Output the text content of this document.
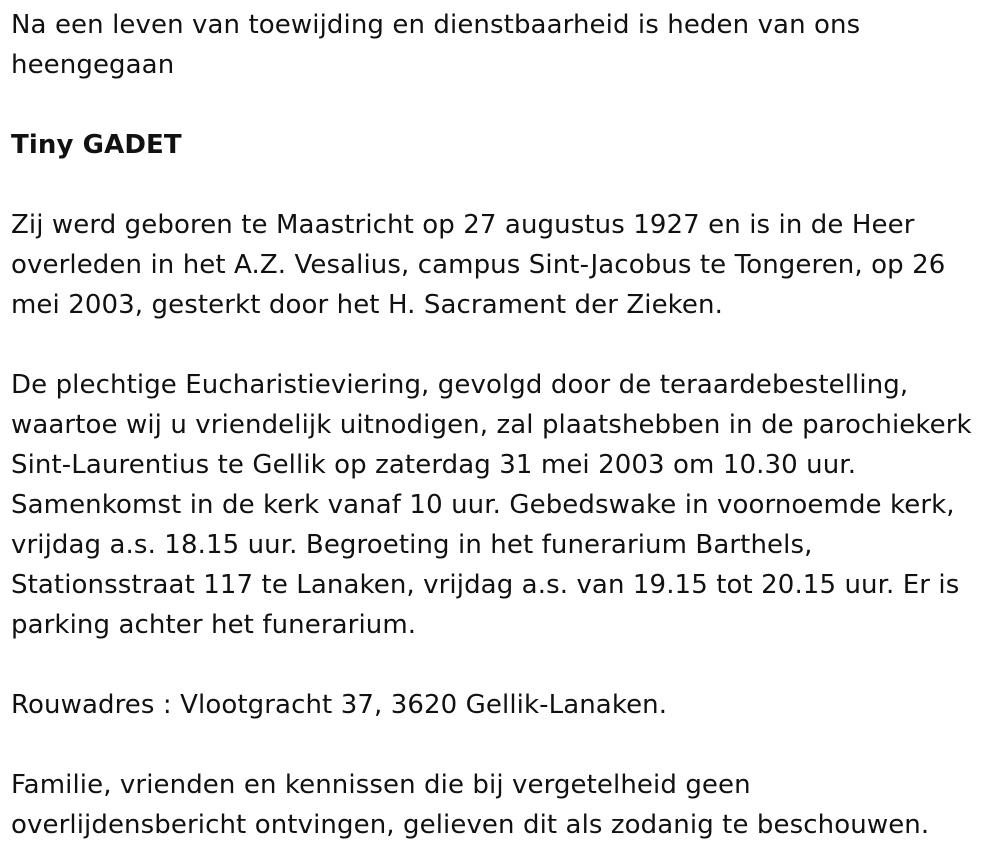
Na een leven van toewijding en dienstbaarheid is heden van ons
heengegaan

Tiny GADET

Zij werd geboren te Maastricht op 27 augustus 1927 en is in de Heer
overleden in het A.Z. Vesalius, campus Sint-Jacobus te Tongeren, op 26
mei 2003, gesterkt door het H. Sacrament der Zieken.

De plechtige Eucharistieviering, gevolgd door de teraardebestelling,
waartoe wij u vriendelijk uitnodigen, zal plaatshebben in de parochiekerk
Sint-Laurentius te Gellik op zaterdag 31 mei 2003 om 10.30 uur.
Samenkomst in de kerk vanaf 10 uur. Gebedswake in voornoemde kerk,
vrijdag a.s. 18.15 uur. Begroeting in het funerarium Barthels,
Stationsstraat 117 te Lanaken, vrijdag a.s. van 19.15 tot 20.15 uur. Er is
parking achter het funerarium.

Rouwadres : Vlootgracht 37, 3620 Gellik-Lanaken.

Familie, vrienden en kennissen die bij vergetelheid geen
overlijdensbericht ontvingen, gelieven dit als zodanig te beschouwen.
